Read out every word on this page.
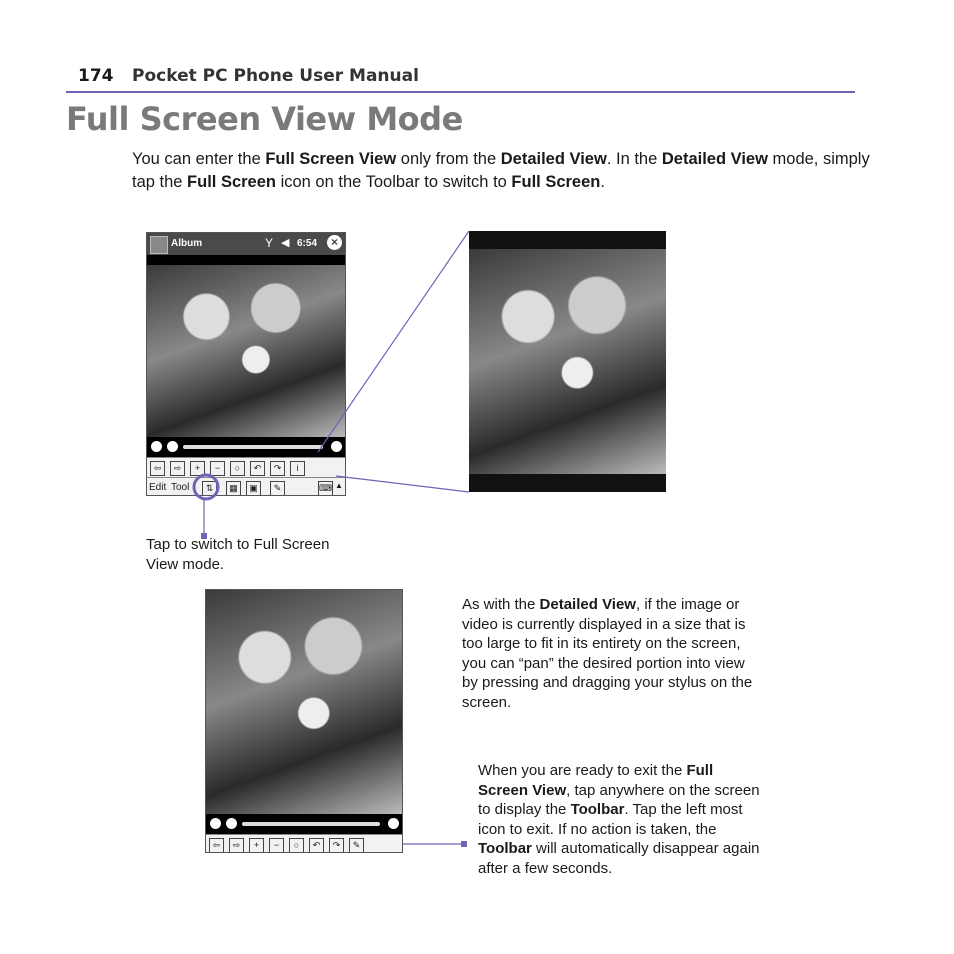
174 Pocket PC Phone User Manual
Full Screen View Mode
You can enter the Full Screen View only from the Detailed View. In the Detailed View mode, simply tap the Full Screen icon on the Toolbar to switch to Full Screen.
Album	Y ◀ 6:54	×
⇦ ⇨ + − ○ ↶ ↷ i
Edit Tool	⇅	▦	▣	✎	⌨ ▲
Tap to switch to Full Screen View mode.
⇦ ⇨ + − ○ ↶ ↷ ✎
As with the Detailed View, if the image or video is currently displayed in a size that is too large to fit in its entirety on the screen, you can “pan” the desired portion into view by pressing and dragging your stylus on the screen.
When you are ready to exit the Full Screen View, tap anywhere on the screen to display the Toolbar. Tap the left most icon to exit. If no action is taken, the Toolbar will automatically disappear again after a few seconds.
